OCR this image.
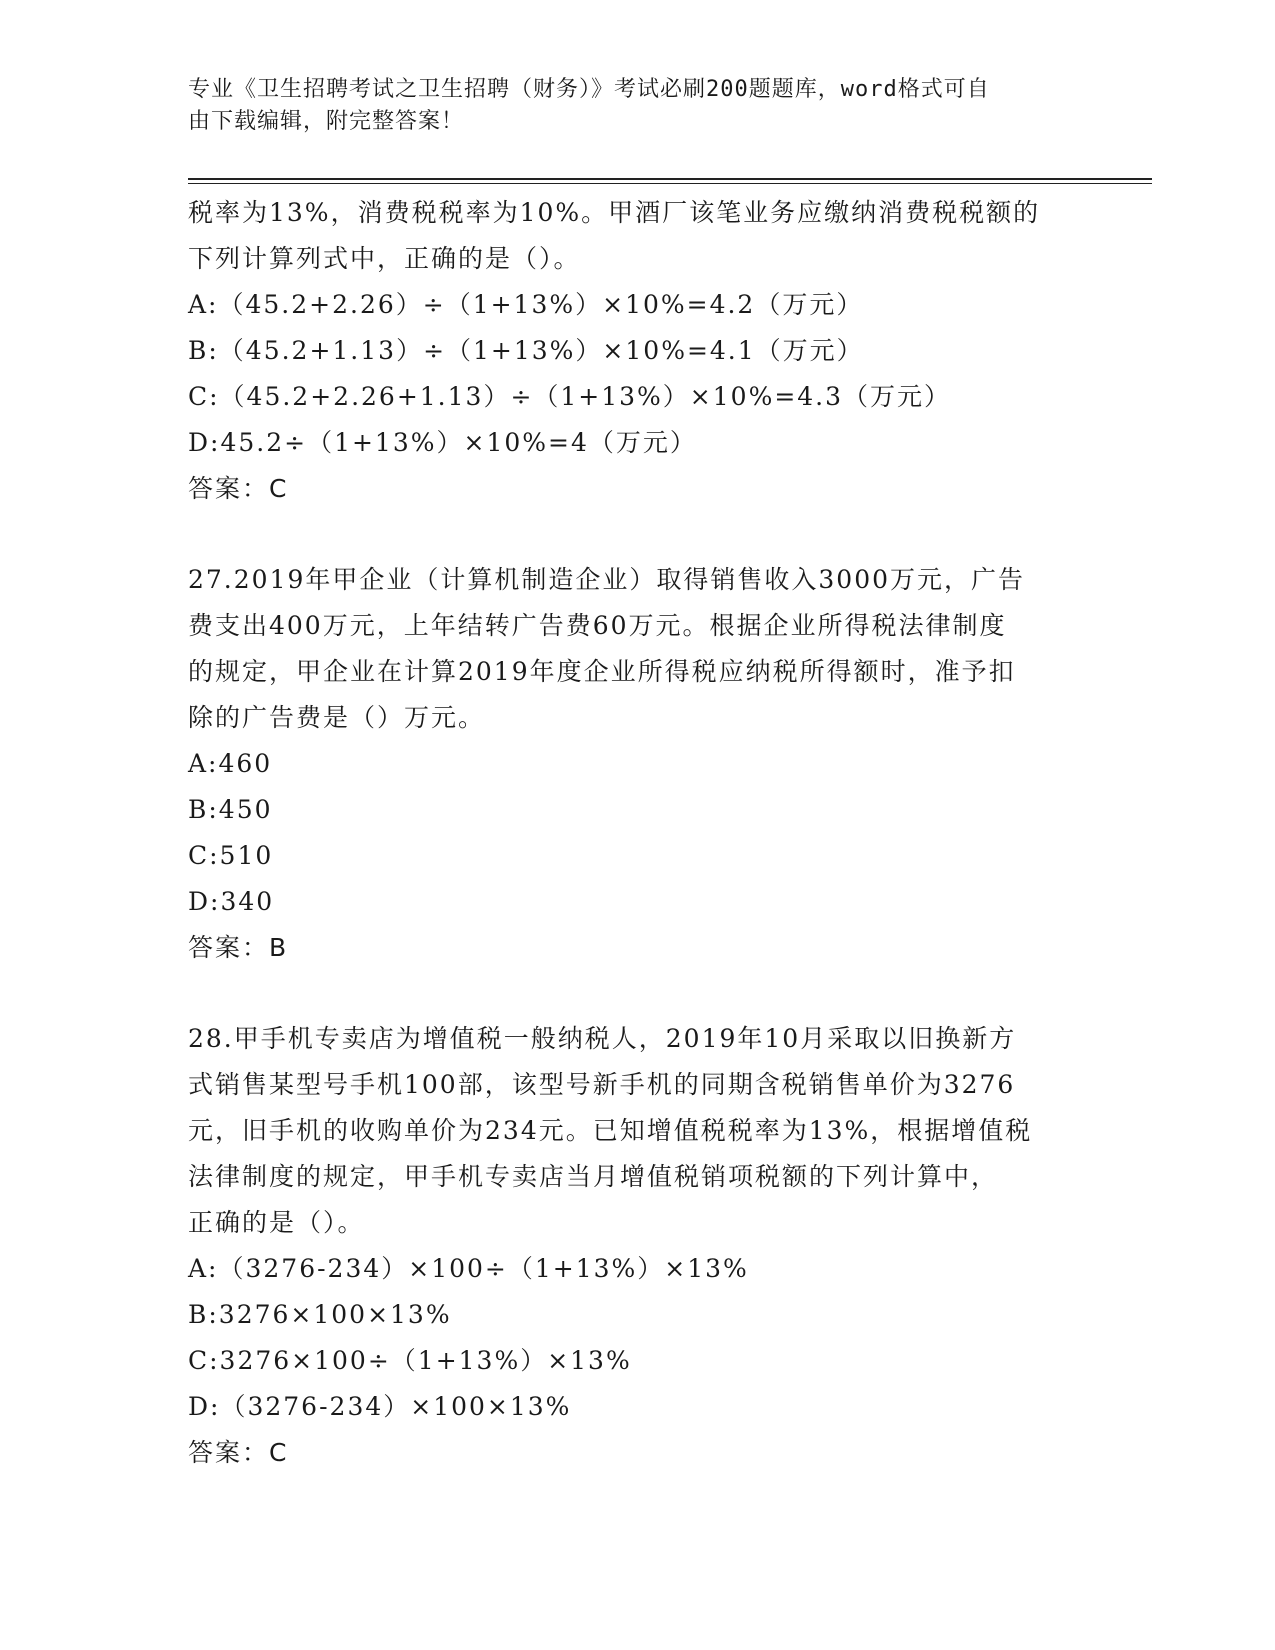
专业《卫生招聘考试之卫生招聘（财务）》考试必刷200题题库，word格式可自
由下载编辑，附完整答案！
税率为13%，消费税税率为10%。甲酒厂该笔业务应缴纳消费税税额的
下列计算列式中，正确的是（）。
A:（45.2+2.26）÷（1+13%）×10%=4.2（万元）
B:（45.2+1.13）÷（1+13%）×10%=4.1（万元）
C:（45.2+2.26+1.13）÷（1+13%）×10%=4.3（万元）
D:45.2÷（1+13%）×10%=4（万元）
答案：C
27.2019年甲企业（计算机制造企业）取得销售收入3000万元，广告
费支出400万元，上年结转广告费60万元。根据企业所得税法律制度
的规定，甲企业在计算2019年度企业所得税应纳税所得额时，准予扣
除的广告费是（）万元。
A:460
B:450
C:510
D:340
答案：B
28.甲手机专卖店为增值税一般纳税人，2019年10月采取以旧换新方
式销售某型号手机100部，该型号新手机的同期含税销售单价为3276
元，旧手机的收购单价为234元。已知增值税税率为13%，根据增值税
法律制度的规定，甲手机专卖店当月增值税销项税额的下列计算中，
正确的是（）。
A:（3276-234）×100÷（1+13%）×13%
B:3276×100×13%
C:3276×100÷（1+13%）×13%
D:（3276-234）×100×13%
答案：C
